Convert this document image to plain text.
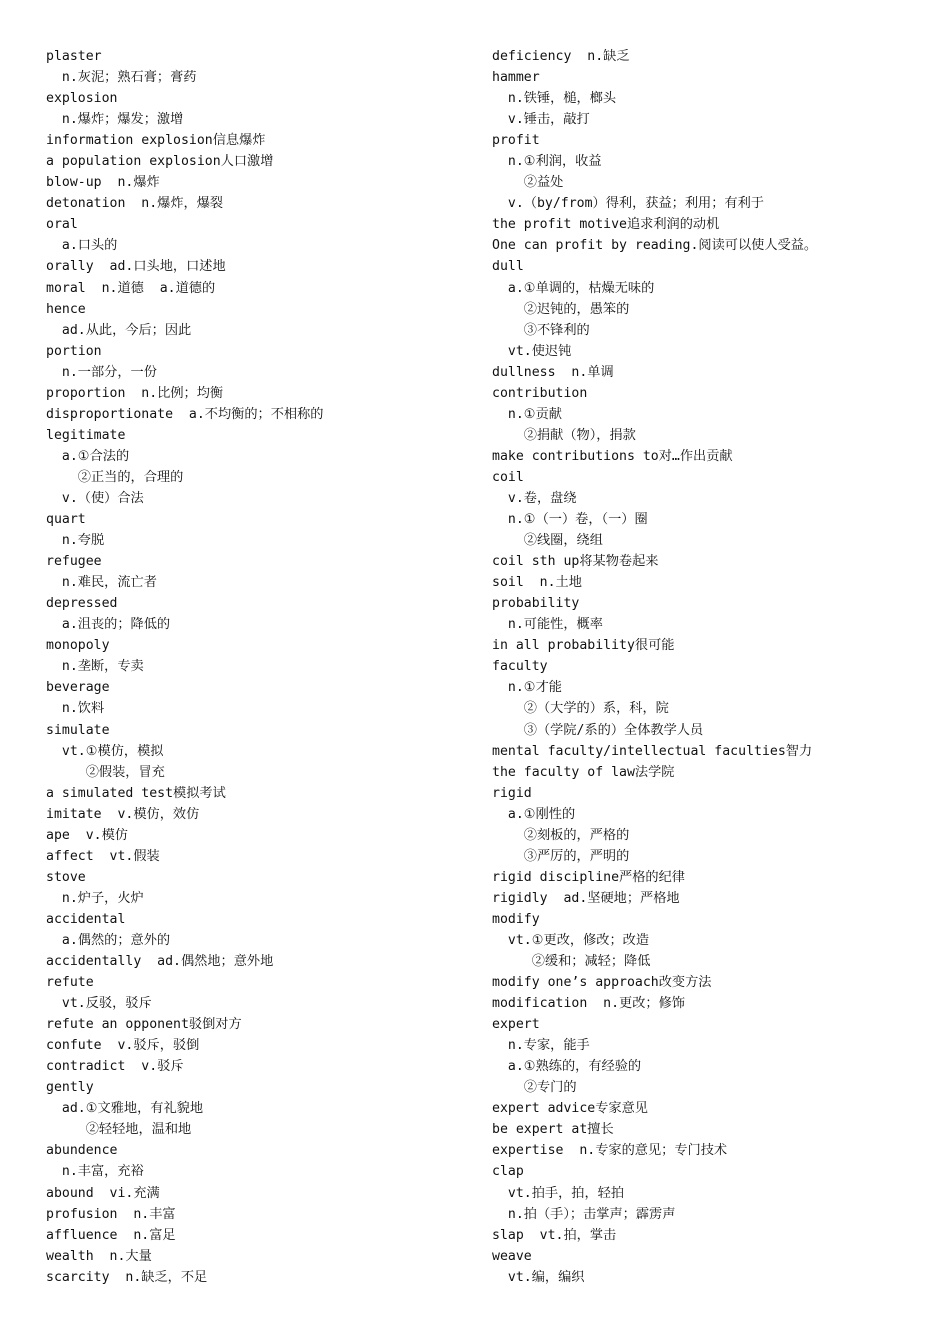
plaster
n.灰泥；熟石膏；膏药
explosion
n.爆炸；爆发；激增
information explosion信息爆炸
a population explosion人口激增
blow-up  n.爆炸
detonation  n.爆炸，爆裂
oral
a.口头的
orally  ad.口头地，口述地
moral  n.道德  a.道德的
hence
ad.从此，今后；因此
portion
n.一部分，一份
proportion  n.比例；均衡
disproportionate  a.不均衡的；不相称的
legitimate
a.①合法的
②正当的，合理的
v.（使）合法
quart
n.夸脱
refugee
n.难民，流亡者
depressed
a.沮丧的；降低的
monopoly
n.垄断，专卖
beverage
n.饮料
simulate
vt.①模仿，模拟
②假装，冒充
a simulated test模拟考试
imitate  v.模仿，效仿
ape  v.模仿
affect  vt.假装
stove
n.炉子，火炉
accidental
a.偶然的；意外的
accidentally  ad.偶然地；意外地
refute
vt.反驳，驳斥
refute an opponent驳倒对方
confute  v.驳斥，驳倒
contradict  v.驳斥
gently
ad.①文雅地，有礼貌地
②轻轻地，温和地
abundence
n.丰富，充裕
abound  vi.充满
profusion  n.丰富
affluence  n.富足
wealth  n.大量
scarcity  n.缺乏，不足
deficiency  n.缺乏
hammer
n.铁锤，槌，榔头
v.锤击，敲打
profit
n.①利润，收益
②益处
v.（by/from）得利，获益；利用；有利于
the profit motive追求利润的动机
One can profit by reading.阅读可以使人受益。
dull
a.①单调的，枯燥无味的
②迟钝的，愚笨的
③不锋利的
vt.使迟钝
dullness  n.单调
contribution
n.①贡献
②捐献（物），捐款
make contributions to对…作出贡献
coil
v.卷，盘绕
n.①（一）卷，（一）圈
②线圈，绕组
coil sth up将某物卷起来
soil  n.土地
probability
n.可能性，概率
in all probability很可能
faculty
n.①才能
②（大学的）系，科，院
③（学院/系的）全体教学人员
mental faculty/intellectual faculties智力
the faculty of law法学院
rigid
a.①刚性的
②刻板的，严格的
③严厉的，严明的
rigid discipline严格的纪律
rigidly  ad.坚硬地；严格地
modify
vt.①更改，修改；改造
②缓和；减轻；降低
modify one’s approach改变方法
modification  n.更改；修饰
expert
n.专家，能手
a.①熟练的，有经验的
②专门的
expert advice专家意见
be expert at擅长
expertise  n.专家的意见；专门技术
clap
vt.拍手，拍，轻拍
n.拍（手）；击掌声；霹雳声
slap  vt.拍，掌击
weave
vt.编，编织
